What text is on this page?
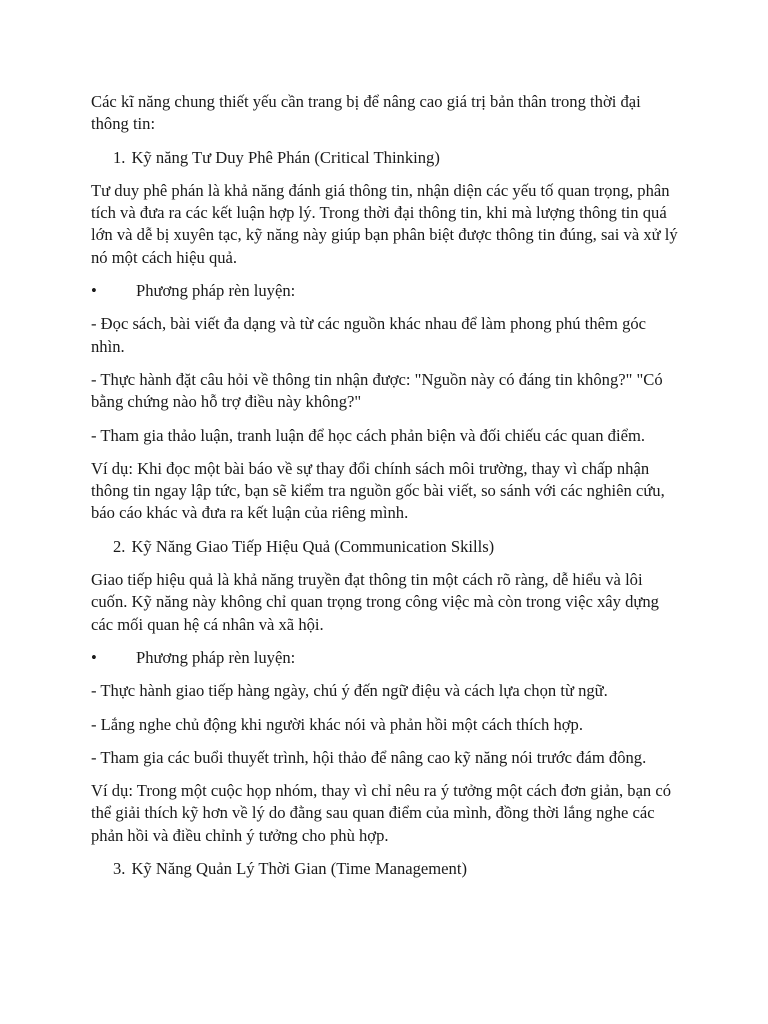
Các kĩ năng chung thiết yếu cần trang bị để nâng cao giá trị bản thân trong thời đại thông tin:

1. Kỹ năng Tư Duy Phê Phán (Critical Thinking)

Tư duy phê phán là khả năng đánh giá thông tin, nhận diện các yếu tố quan trọng, phân tích và đưa ra các kết luận hợp lý. Trong thời đại thông tin, khi mà lượng thông tin quá lớn và dễ bị xuyên tạc, kỹ năng này giúp bạn phân biệt được thông tin đúng, sai và xử lý nó một cách hiệu quả.

• Phương pháp rèn luyện:

- Đọc sách, bài viết đa dạng và từ các nguồn khác nhau để làm phong phú thêm góc nhìn.

- Thực hành đặt câu hỏi về thông tin nhận được: "Nguồn này có đáng tin không?" "Có bằng chứng nào hỗ trợ điều này không?"

- Tham gia thảo luận, tranh luận để học cách phản biện và đối chiếu các quan điểm.

Ví dụ: Khi đọc một bài báo về sự thay đổi chính sách môi trường, thay vì chấp nhận thông tin ngay lập tức, bạn sẽ kiểm tra nguồn gốc bài viết, so sánh với các nghiên cứu, báo cáo khác và đưa ra kết luận của riêng mình.

2. Kỹ Năng Giao Tiếp Hiệu Quả (Communication Skills)

Giao tiếp hiệu quả là khả năng truyền đạt thông tin một cách rõ ràng, dễ hiểu và lôi cuốn. Kỹ năng này không chỉ quan trọng trong công việc mà còn trong việc xây dựng các mối quan hệ cá nhân và xã hội.

• Phương pháp rèn luyện:

- Thực hành giao tiếp hàng ngày, chú ý đến ngữ điệu và cách lựa chọn từ ngữ.

- Lắng nghe chủ động khi người khác nói và phản hồi một cách thích hợp.

- Tham gia các buổi thuyết trình, hội thảo để nâng cao kỹ năng nói trước đám đông.

Ví dụ: Trong một cuộc họp nhóm, thay vì chỉ nêu ra ý tưởng một cách đơn giản, bạn có thể giải thích kỹ hơn về lý do đằng sau quan điểm của mình, đồng thời lắng nghe các phản hồi và điều chỉnh ý tưởng cho phù hợp.

3. Kỹ Năng Quản Lý Thời Gian (Time Management)
